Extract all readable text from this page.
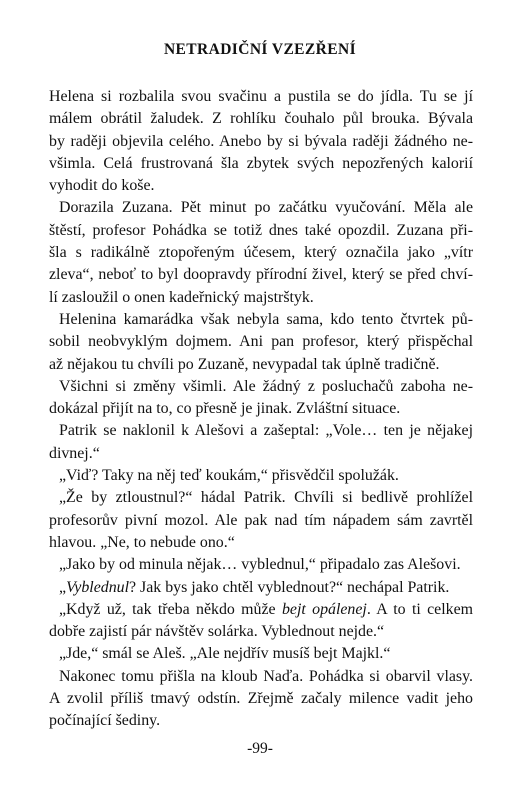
NETRADIČNÍ VZEZŘENÍ
Helena si rozbalila svou svačinu a pustila se do jídla. Tu se jí
málem obrátil žaludek. Z rohlíku čouhalo půl brouka. Bývala
by raději objevila celého. Anebo by si bývala raději žádného ne-
všimla. Celá frustrovaná šla zbytek svých nepozřených kalorií
vyhodit do koše.
Dorazila Zuzana. Pět minut po začátku vyučování. Měla ale
štěstí, profesor Pohádka se totiž dnes také opozdil. Zuzana při-
šla s radikálně ztopořeným účesem, který označila jako „vítr
zleva“, neboť to byl doopravdy přírodní živel, který se před chví-
lí zasloužil o onen kadeřnický majstrštyk.
Helenina kamarádka však nebyla sama, kdo tento čtvrtek pů-
sobil neobvyklým dojmem. Ani pan profesor, který přispěchal
až nějakou tu chvíli po Zuzaně, nevypadal tak úplně tradičně.
Všichni si změny všimli. Ale žádný z posluchačů zaboha ne-
dokázal přijít na to, co přesně je jinak. Zvláštní situace.
Patrik se naklonil k Alešovi a zašeptal: „Vole… ten je nějakej
divnej.“
„Viď? Taky na něj teď koukám,“ přisvědčil spolužák.
„Že by ztloustnul?“ hádal Patrik. Chvíli si bedlivě prohlížel
profesorův pivní mozol. Ale pak nad tím nápadem sám zavrtěl
hlavou. „Ne, to nebude ono.“
„Jako by od minula nějak… vyblednul,“ připadalo zas Alešovi.
„Vyblednul? Jak bys jako chtěl vyblednout?“ nechápal Patrik.
„Když už, tak třeba někdo může bejt opálenej. A to ti celkem
dobře zajistí pár návštěv solárka. Vyblednout nejde.“
„Jde,“ smál se Aleš. „Ale nejdřív musíš bejt Majkl.“
Nakonec tomu přišla na kloub Naďa. Pohádka si obarvil vlasy.
A zvolil příliš tmavý odstín. Zřejmě začaly milence vadit jeho
počínající šediny.
-99-
